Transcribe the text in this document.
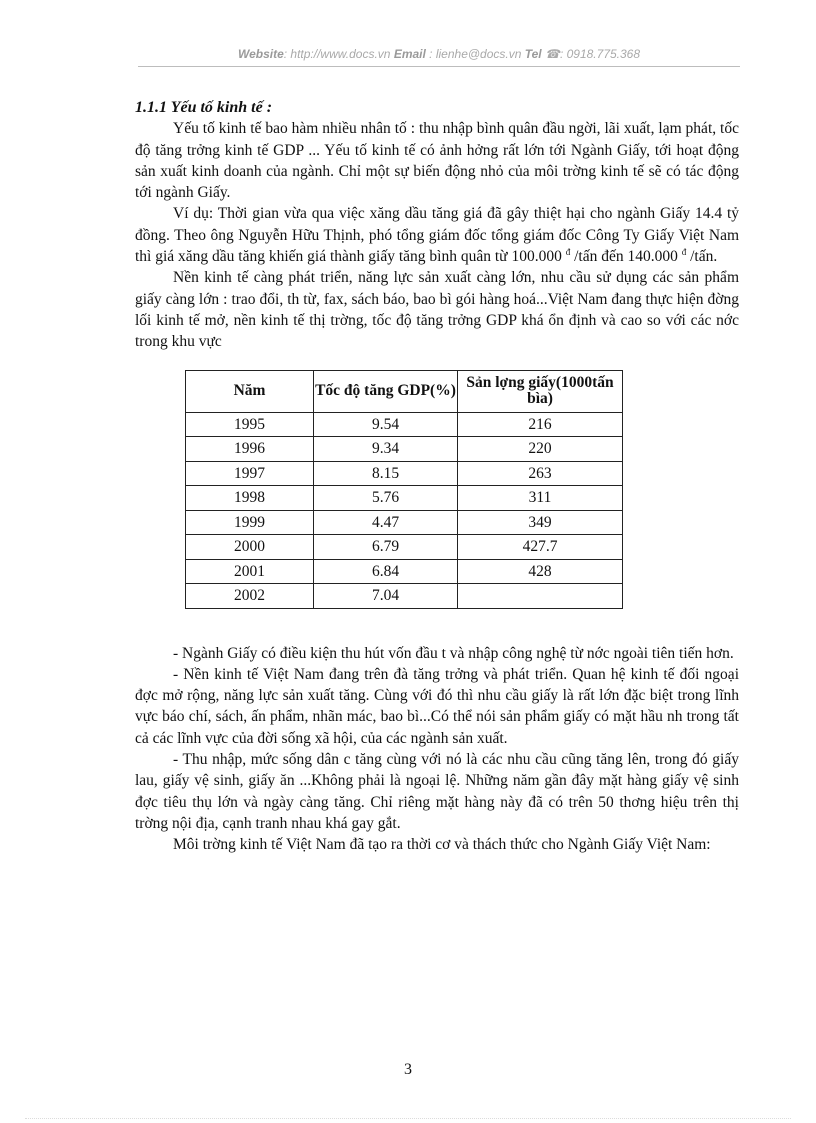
Website: http://www.docs.vn Email : lienhe@docs.vn Tel ☎: 0918.775.368
1.1.1 Yếu tố kinh tế :

Yếu tố kinh tế bao hàm nhiều nhân tố : thu nhập bình quân đầu ngời, lãi xuất, lạm phát, tốc độ tăng trởng kinh tế GDP ... Yếu tố kinh tế có ảnh hởng rất lớn tới Ngành Giấy, tới hoạt động sản xuất kinh doanh của ngành. Chỉ một sự biến động nhỏ của môi trờng kinh tế sẽ có tác động tới ngành Giấy.

Ví dụ: Thời gian vừa qua việc xăng dầu tăng giá đã gây thiệt hại cho ngành Giấy 14.4 tỷ đồng. Theo ông Nguyễn Hữu Thịnh, phó tổng giám đốc tổng giám đốc Công Ty Giấy Việt Nam thì giá xăng dầu tăng khiến giá thành giấy tăng bình quân từ 100.000 $^đ$ /tấn đến 140.000 $^đ$ /tấn.

Nền kinh tế càng phát triển, năng lực sản xuất càng lớn, nhu cầu sử dụng các sản phẩm giấy càng lớn : trao đổi, th từ, fax, sách báo, bao bì gói hàng hoá...Việt Nam đang thực hiện đờng lối kinh tế mở, nền kinh tế thị trờng, tốc độ tăng trởng GDP khá ổn định và cao so với các nớc trong khu vực

Năm	Tốc độ tăng GDP(%)	Sản lợng giấy(1000tấn bìa)
1995	9.54	216
1996	9.34	220
1997	8.15	263
1998	5.76	311
1999	4.47	349
2000	6.79	427.7
2001	6.84	428
2002	7.04	

- Ngành Giấy có điều kiện thu hút vốn đầu t và nhập công nghệ từ nớc ngoài tiên tiến hơn.

- Nền kinh tế Việt Nam đang trên đà tăng trởng và phát triển. Quan hệ kinh tế đối ngoại đợc mở rộng, năng lực sản xuất tăng. Cùng với đó thì nhu cầu giấy là rất lớn đặc biệt trong lĩnh vực báo chí, sách, ấn phẩm, nhãn mác, bao bì...Có thể nói sản phẩm giấy có mặt hầu nh trong tất cả các lĩnh vực của đời sống xã hội, của các ngành sản xuất.

- Thu nhập, mức sống dân c tăng cùng với nó là các nhu cầu cũng tăng lên, trong đó giấy lau, giấy vệ sinh, giấy ăn ...Không phải là ngoại lệ. Những năm gần đây mặt hàng giấy vệ sinh đợc tiêu thụ lớn và ngày càng tăng. Chỉ riêng mặt hàng này đã có trên 50 thơng hiệu trên thị trờng nội địa, cạnh tranh nhau khá gay gắt.

Môi trờng kinh tế Việt Nam đã tạo ra thời cơ và thách thức cho Ngành Giấy Việt Nam:

3
